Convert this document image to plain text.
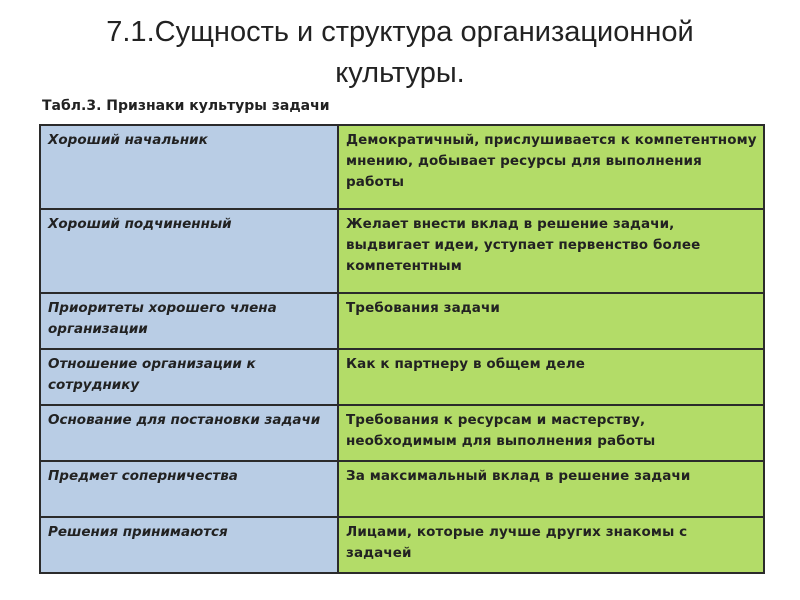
7.1.Сущность и структура организационной культуры.
Табл.3. Признаки культуры задачи
Хороший начальник	Демократичный, прислушивается к компетентному мнению, добывает ресурсы для выполнения работы
Хороший подчиненный	Желает внести вклад в решение задачи, выдвигает идеи, уступает первенство более компетентным
Приоритеты хорошего члена организации	Требования задачи
Отношение организации к сотруднику	Как к партнеру в общем деле
Основание для постановки задачи	Требования к ресурсам и мастерству, необходимым для выполнения работы
Предмет соперничества	За максимальный вклад в решение задачи
Решения принимаются	Лицами, которые лучше других знакомы с задачей
